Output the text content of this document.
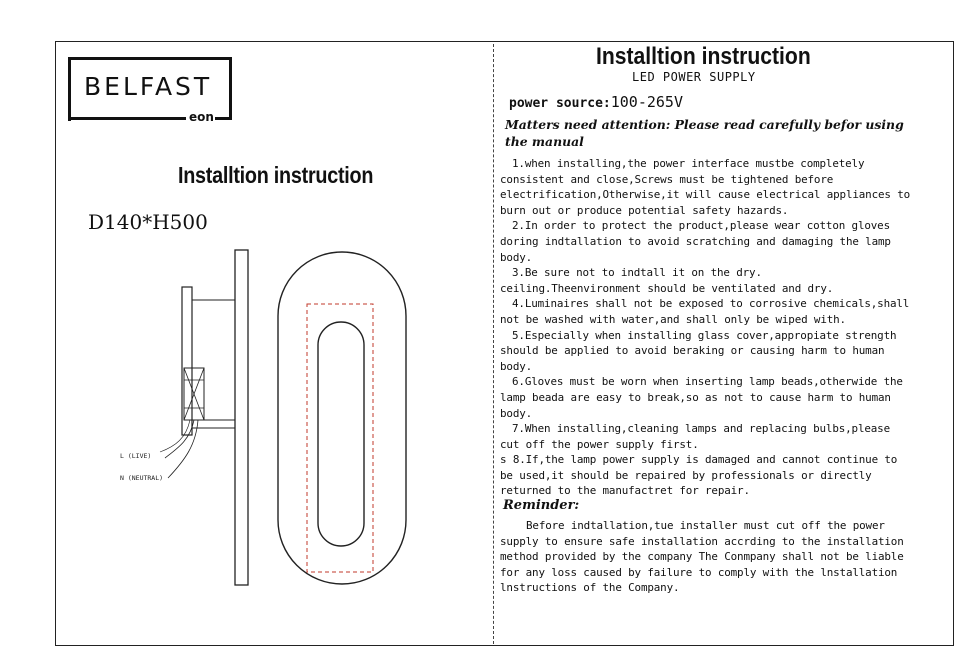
BELFAST
eon
Installtion instruction
D140*H500
L (LIVE)
N (NEUTRAL)
Installtion instruction
LED POWER SUPPLY
power source:100-265V
Matters need attention: Please read carefully befor using
the manual
1.when installing,the power interface mustbe completely
consistent and close,Screws must be tightened before
electrification,Otherwise,it will cause electrical appliances to
burn out or produce potential safety hazards.
2.In order to protect the product,please wear cotton gloves
doring indtallation to avoid scratching and damaging the lamp
body.
3.Be sure not to indtall it on the dry.
ceiling.Theenvironment should be ventilated and dry.
4.Luminaires shall not be exposed to corrosive chemicals,shall
not be washed with water,and shall only be wiped with.
5.Especially when installing glass cover,appropiate strength
should be applied to avoid beraking or causing harm to human
body.
6.Gloves must be worn when inserting lamp beads,otherwide the
lamp beada are easy to break,so as not to cause harm to human
body.
7.When installing,cleaning lamps and replacing bulbs,please
cut off the power supply first.
s 8.If,the lamp power supply is damaged and cannot continue to
be used,it should be repaired by professionals or directly
returned to the manufactret for repair.
Reminder:
Before indtallation,tue installer must cut off the power
supply to ensure safe installation accrding to the installation
method provided by the company The Conmpany shall not be liable
for any loss caused by failure to comply with the lnstallation
lnstructions of the Company.
